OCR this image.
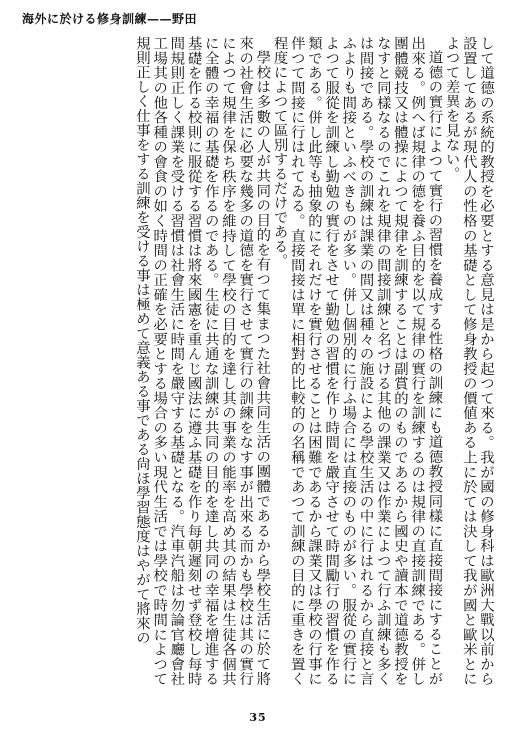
海外に於ける修身訓練——野田

して道德の系統的教授を必要とする意見は是から起つて來る。我が國の修身科は歐洲大戰以前から設置してあるが現代人の性格の基礎として修身教授の價値ある上に於ては決して我が國と歐米とによつて差異を見ない。

道德の實行によつて實行の習慣を養成する性格の訓練にも道德教授同樣に直接間接にすることが出來る。例へば規律の德を養ふ目的を以て規律の實行を訓練するのは規律の直接訓練である。併し團體競技又は體操によつて規律を訓練することは副賞的のものであるから國史や讀本で道德教授をなすと同樣なるのでこれを規律の間接訓練と名づける其他の課業又は作業によつて行ふ訓練も多くは間接である。學校の訓練は課業の間又は種々の施設による學校生活の中に行はれるから直接と言ふよりも間接といふべきものが多い。併し個別的に行ふ場合には直接のものが多い。服從の實行によつて服從を訓練し勤勉の實行をさせて勤勉の習慣を作り時間を嚴守させて時間勵行の習慣を作る類である。併し此等も抽象的にそれだけを實行させることは困難であるから課業又は學校の行事に伴つて間接に行はれてゐる。直接間接は單に相對的比較的の名稱であつて訓練の目的に重きを置く程度によつて區別するだけである。

學校は多數の人が共同の目的を有つて集まつた社會共同生活の團體であるから學校生活に於て將來の社會生活に必要な幾多の道德を實行させて實行の訓練をなす事が出來る而かも學校は其の實行によつて規律を保ち秩序を維持して學校の目的を達し其の事業の能率を高め其の結果は生徒各個共に全體の幸福の基礎を作るのである。生徒に共通な訓練が共同の目的を達し共同の幸福を增進する基礎を作る校則に服從する習慣は將來國憲を重んじ國法に遵ふ基礎を作り每朝遲刻せず登校し每時間規則正しく課業を受ける習慣は社會生活に時間を嚴守する基礎となる。汽車汽船は勿論官廳會社工場其の他各種の會食の如く時間の正確を必要とする場合の多い現代生活では學校で時間によつて規則正しく仕事をする訓練を受ける事は極めて意義ある事である尙ほ學習態度はやがて將來の

35
